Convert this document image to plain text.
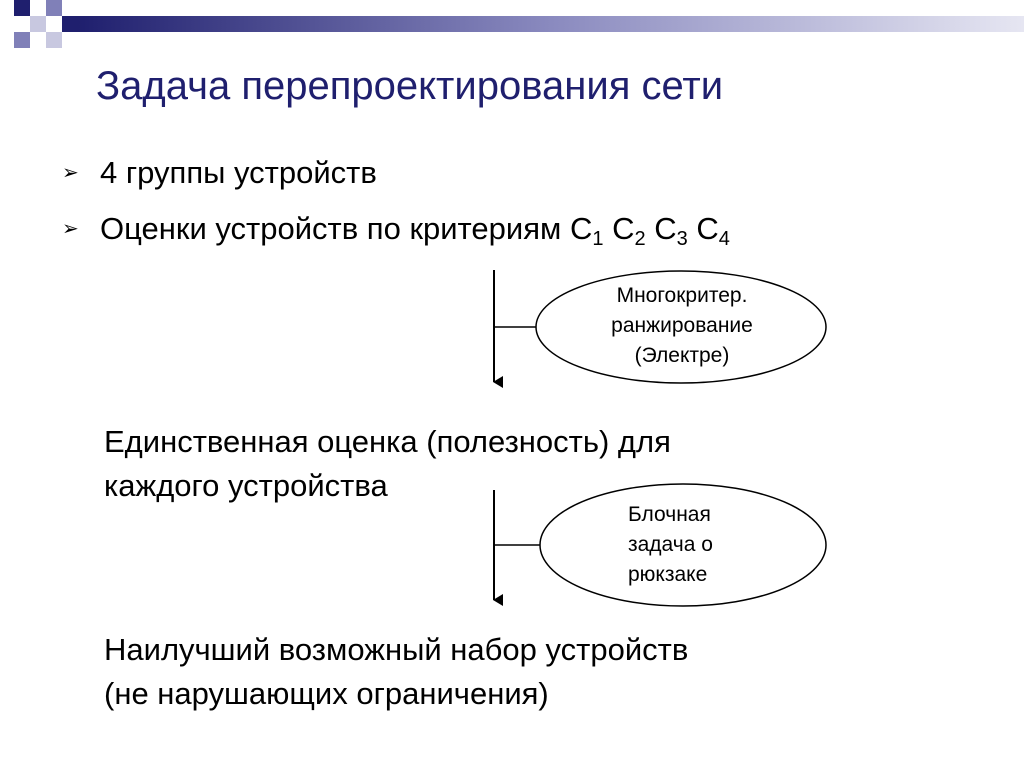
Задача перепроектирования сети
➢ 4 группы устройств
➢ Оценки устройств по критериям $C_1$ $C_2$ $C_3$ $C_4$
Многокритер.
ранжирование
(Электре)
Единственная оценка (полезность) для
каждого устройства
Блочная
задача о
рюкзаке
Наилучший возможный набор устройств
(не нарушающих ограничения)
